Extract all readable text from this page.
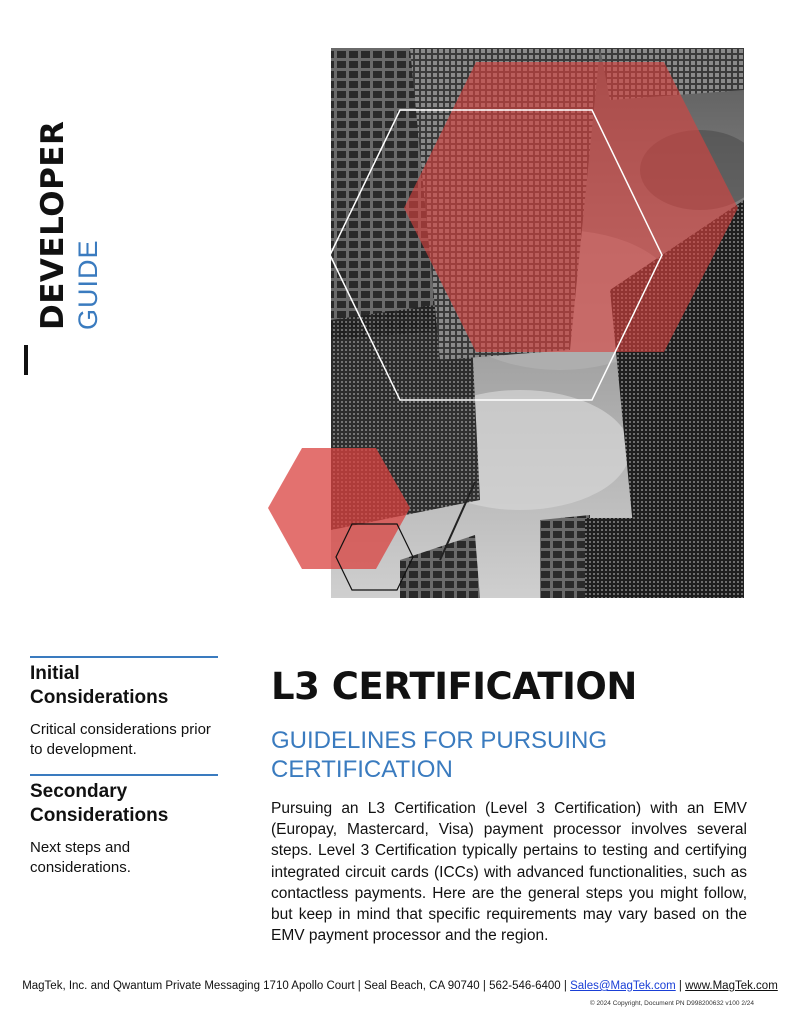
DEVELOPER GUIDE
Initial Considerations
Critical considerations prior to development.
Secondary Considerations
Next steps and considerations.
L3 CERTIFICATION
GUIDELINES FOR PURSUING CERTIFICATION
Pursuing an L3 Certification (Level 3 Certification) with an EMV (Europay, Mastercard, Visa) payment processor involves several steps. Level 3 Certification typically pertains to testing and certifying integrated circuit cards (ICCs) with advanced functionalities, such as contactless payments. Here are the general steps you might follow, but keep in mind that specific requirements may vary based on the EMV payment processor and the region.
MagTek, Inc. and Qwantum Private Messaging 1710 Apollo Court | Seal Beach, CA 90740 | 562-546-6400 | Sales@MagTek.com | www.MagTek.com
© 2024 Copyright, Document PN D998200632 v100 2/24
